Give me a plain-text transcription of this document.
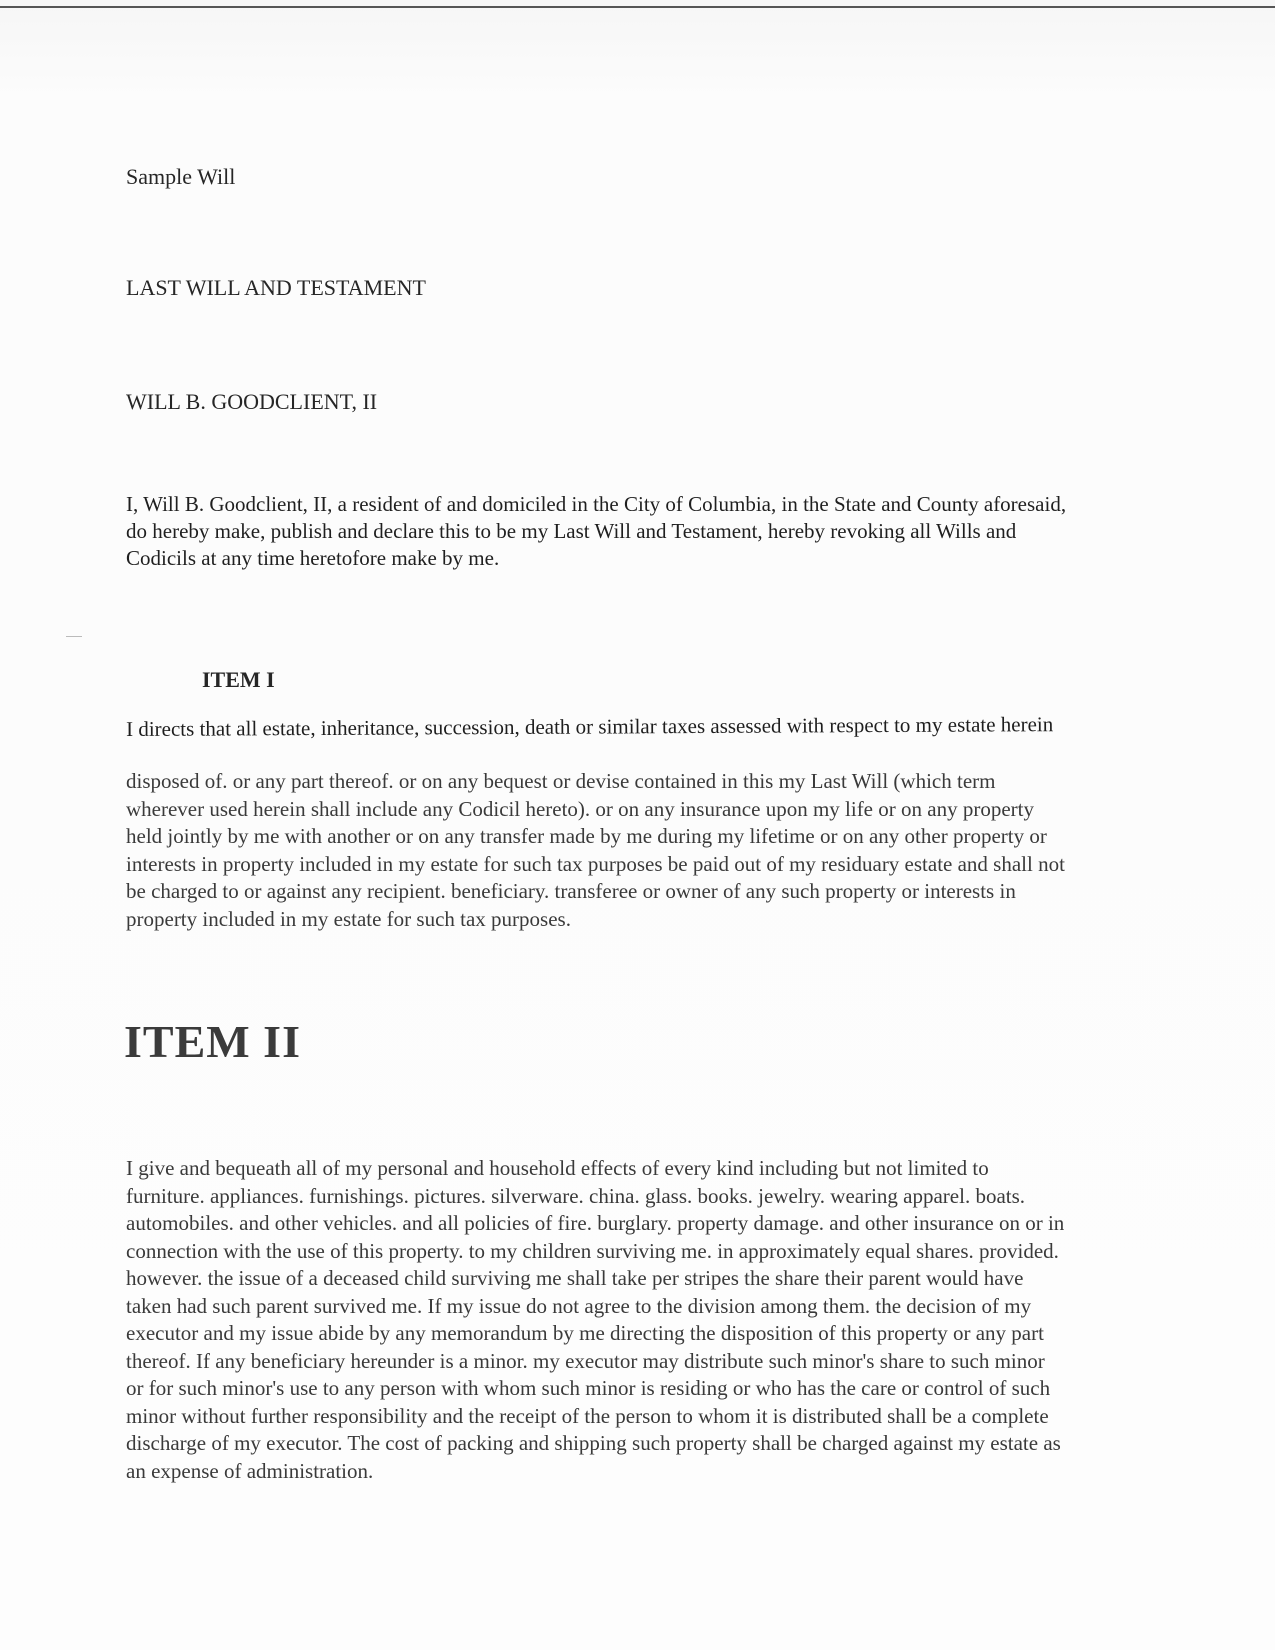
Sample Will

LAST WILL AND TESTAMENT

WILL B. GOODCLIENT, II

I, Will B. Goodclient, II, a resident of and domiciled in the City of Columbia, in the State and County aforesaid,
do hereby make, publish and declare this to be my Last Will and Testament, hereby revoking all Wills and
Codicils at any time heretofore make by me.

ITEM I

I directs that all estate, inheritance, succession, death or similar taxes assessed with respect to my estate herein

disposed of. or any part thereof. or on any bequest or devise contained in this my Last Will (which term
wherever used herein shall include any Codicil hereto). or on any insurance upon my life or on any property
held jointly by me with another or on any transfer made by me during my lifetime or on any other property or
interests in property included in my estate for such tax purposes be paid out of my residuary estate and shall not
be charged to or against any recipient. beneficiary. transferee or owner of any such property or interests in
property included in my estate for such tax purposes.

ITEM II

I give and bequeath all of my personal and household effects of every kind including but not limited to
furniture. appliances. furnishings. pictures. silverware. china. glass. books. jewelry. wearing apparel. boats.
automobiles. and other vehicles. and all policies of fire. burglary. property damage. and other insurance on or in
connection with the use of this property. to my children surviving me. in approximately equal shares. provided.
however. the issue of a deceased child surviving me shall take per stripes the share their parent would have
taken had such parent survived me. If my issue do not agree to the division among them. the decision of my
executor and my issue abide by any memorandum by me directing the disposition of this property or any part
thereof. If any beneficiary hereunder is a minor. my executor may distribute such minor's share to such minor
or for such minor's use to any person with whom such minor is residing or who has the care or control of such
minor without further responsibility and the receipt of the person to whom it is distributed shall be a complete
discharge of my executor. The cost of packing and shipping such property shall be charged against my estate as
an expense of administration.
